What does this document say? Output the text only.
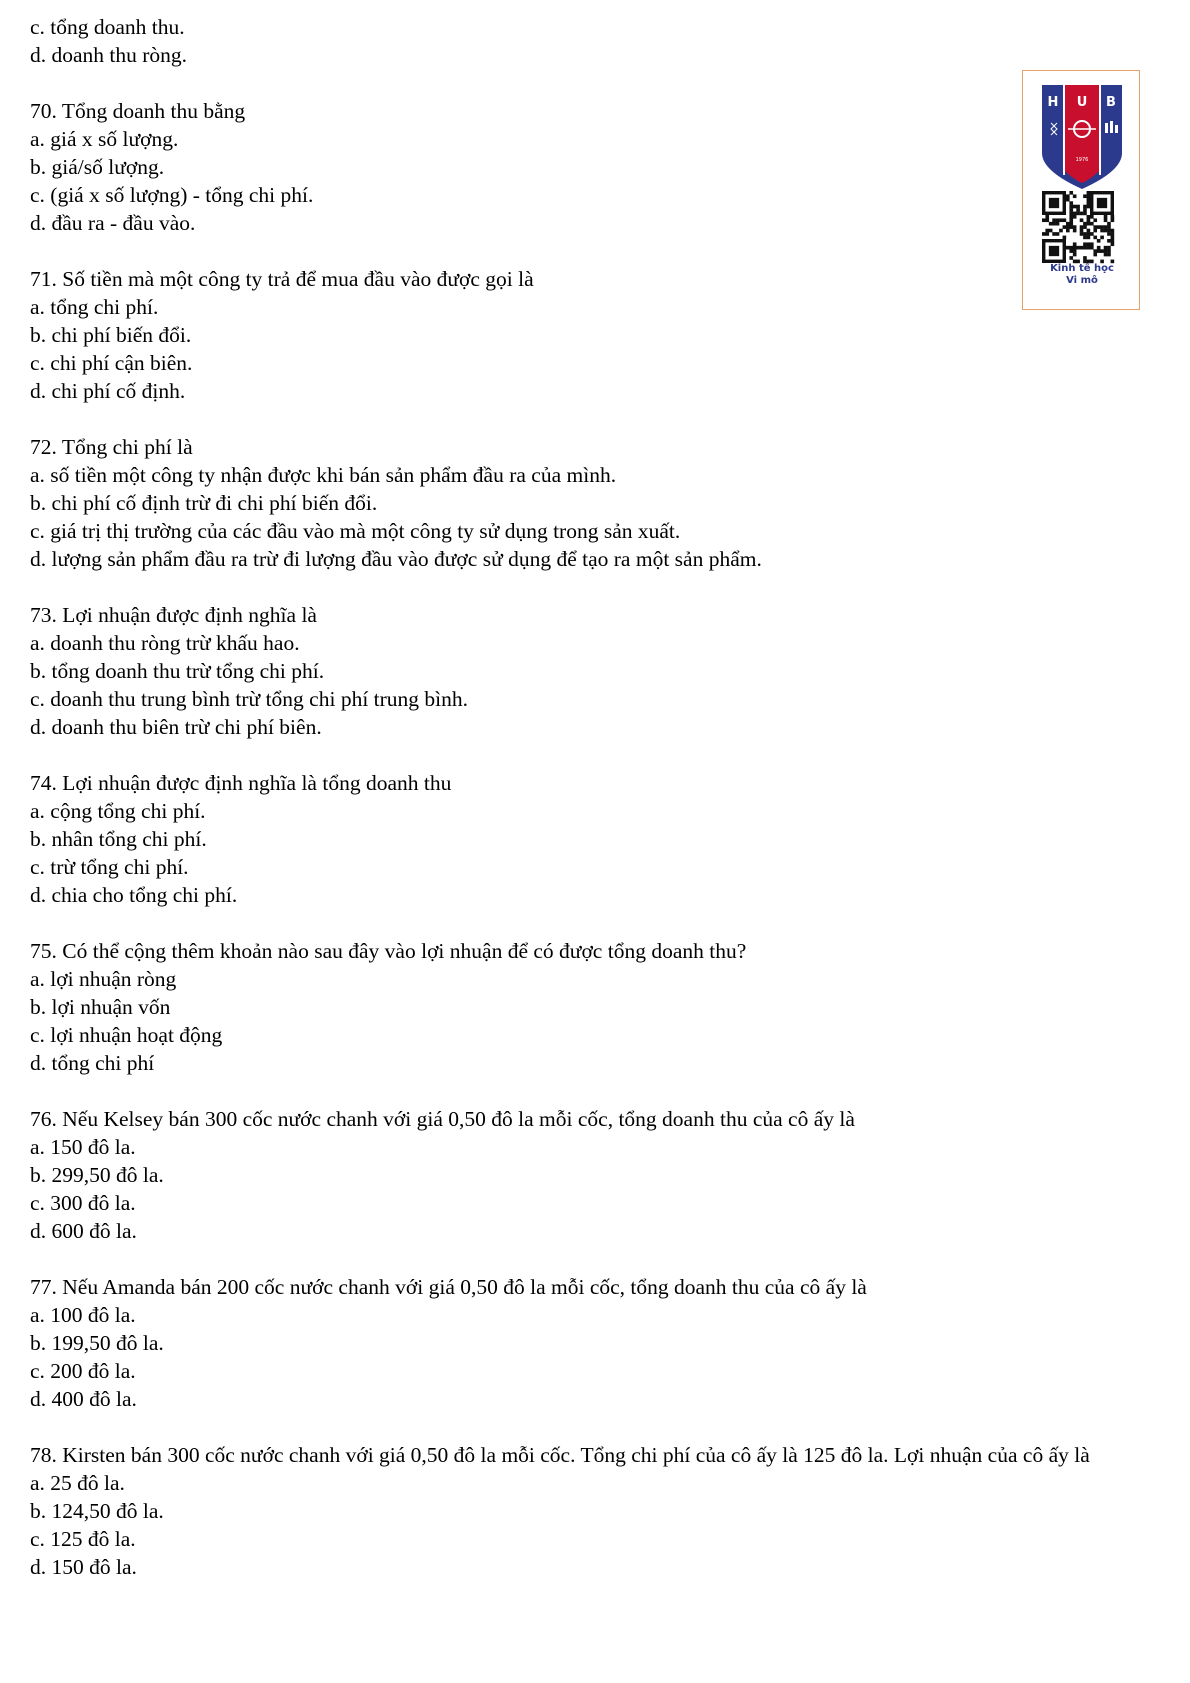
c. tổng doanh thu.
d. doanh thu ròng.
70. Tổng doanh thu bằng
a. giá x số lượng.
b. giá/số lượng.
c. (giá x số lượng) - tổng chi phí.
d. đầu ra - đầu vào.
71. Số tiền mà một công ty trả để mua đầu vào được gọi là
a. tổng chi phí.
b. chi phí biến đổi.
c. chi phí cận biên.
d. chi phí cố định.
72. Tổng chi phí là
a. số tiền một công ty nhận được khi bán sản phẩm đầu ra của mình.
b. chi phí cố định trừ đi chi phí biến đổi.
c. giá trị thị trường của các đầu vào mà một công ty sử dụng trong sản xuất.
d. lượng sản phẩm đầu ra trừ đi lượng đầu vào được sử dụng để tạo ra một sản phẩm.
73. Lợi nhuận được định nghĩa là
a. doanh thu ròng trừ khấu hao.
b. tổng doanh thu trừ tổng chi phí.
c. doanh thu trung bình trừ tổng chi phí trung bình.
d. doanh thu biên trừ chi phí biên.
74. Lợi nhuận được định nghĩa là tổng doanh thu
a. cộng tổng chi phí.
b. nhân tổng chi phí.
c. trừ tổng chi phí.
d. chia cho tổng chi phí.
75. Có thể cộng thêm khoản nào sau đây vào lợi nhuận để có được tổng doanh thu?
a. lợi nhuận ròng
b. lợi nhuận vốn
c. lợi nhuận hoạt động
d. tổng chi phí
76. Nếu Kelsey bán 300 cốc nước chanh với giá 0,50 đô la mỗi cốc, tổng doanh thu của cô ấy là
a. 150 đô la.
b. 299,50 đô la.
c. 300 đô la.
d. 600 đô la.
77. Nếu Amanda bán 200 cốc nước chanh với giá 0,50 đô la mỗi cốc, tổng doanh thu của cô ấy là
a. 100 đô la.
b. 199,50 đô la.
c. 200 đô la.
d. 400 đô la.
78. Kirsten bán 300 cốc nước chanh với giá 0,50 đô la mỗi cốc. Tổng chi phí của cô ấy là 125 đô la. Lợi nhuận của cô ấy là
a. 25 đô la.
b. 124,50 đô la.
c. 125 đô la.
d. 150 đô la.
H U B
1976
Kinh tế học
Vi mô
